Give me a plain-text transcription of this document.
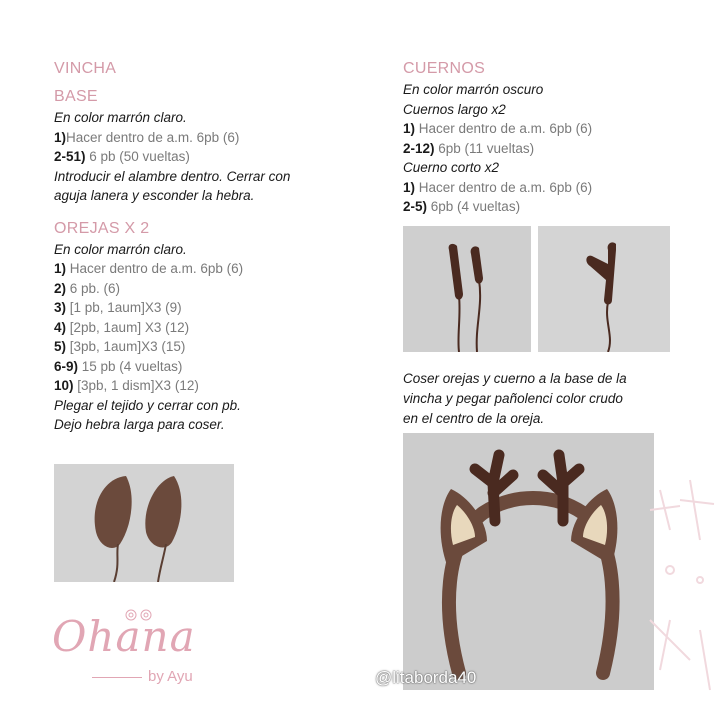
VINCHA

BASE

En color marrón claro.

1)Hacer dentro de a.m. 6pb (6)

2-51) 6 pb (50 vueltas)

Introducir el alambre dentro. Cerrar con

aguja lanera y esconder la hebra.

OREJAS X 2

En color marrón claro.

1) Hacer dentro de a.m. 6pb (6)

2) 6 pb. (6)

3) [1 pb, 1aum]X3 (9)

4) [2pb, 1aum] X3 (12)

5) [3pb, 1aum]X3 (15)

6-9) 15 pb (4 vueltas)

10) [3pb, 1 dism]X3 (12)

Plegar el tejido y cerrar con pb.

Dejo hebra larga para coser.

CUERNOS

En color marrón oscuro

Cuernos largo x2

1) Hacer dentro de a.m. 6pb (6)

2-12) 6pb (11 vueltas)

Cuerno corto x2

1) Hacer dentro de a.m. 6pb (6)

2-5) 6pb (4 vueltas)

Coser orejas y cuerno a la base de la

vincha y pegar pañolenci color crudo

en el centro de la oreja.

Ohana
by Ayu	@litaborda40
